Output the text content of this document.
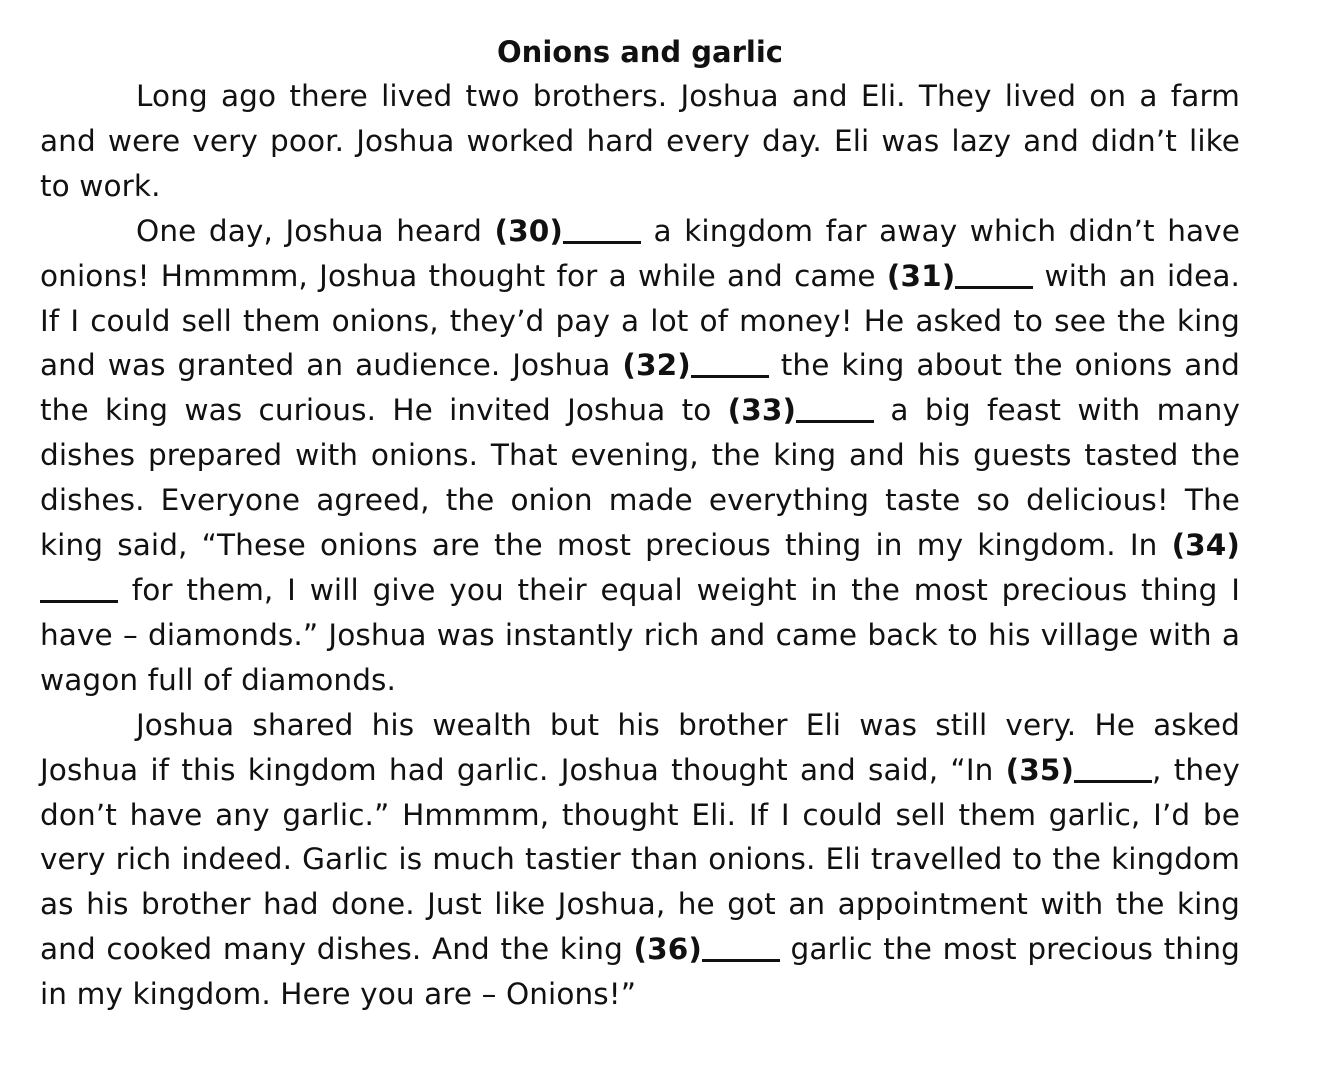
Onions and garlic

Long ago there lived two brothers. Joshua and Eli. They lived on a farm and were very poor. Joshua worked hard every day. Eli was lazy and didn’t like to work.

One day, Joshua heard (30)	a kingdom far away which didn’t have onions! Hmmmm, Joshua thought for a while and came (31)	with an idea. If I could sell them onions, they’d pay a lot of money! He asked to see the king and was granted an audience. Joshua (32)	the king about the onions and the king was curious. He invited Joshua to (33)	a big feast with many dishes prepared with onions. That evening, the king and his guests tasted the dishes. Everyone agreed, the onion made everything taste so delicious! The king said, “These onions are the most precious thing in my kingdom. In (34) for them, I will give you their equal weight in the most precious thing I have – diamonds.” Joshua was instantly rich and came back to his village with a wagon full of diamonds.

Joshua shared his wealth but his brother Eli was still very. He asked Joshua if this kingdom had garlic. Joshua thought and said, “In (35)	, they don’t have any garlic.” Hmmmm, thought Eli. If I could sell them garlic, I’d be very rich indeed. Garlic is much tastier than onions. Eli travelled to the kingdom as his brother had done. Just like Joshua, he got an appointment with the king and cooked many dishes. And the king (36)	garlic the most precious thing in my kingdom. Here you are – Onions!”
